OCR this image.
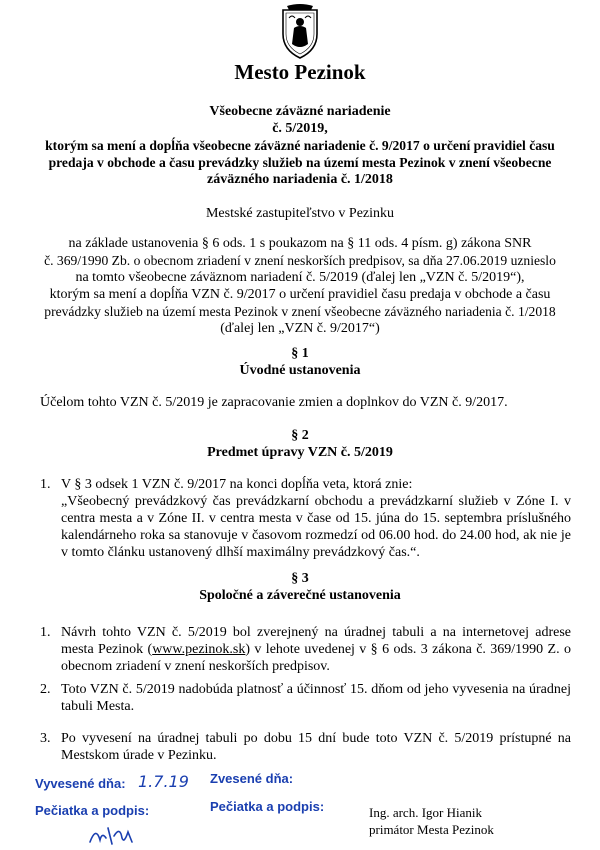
Mesto Pezinok
Všeobecne záväzné nariadenie
č. 5/2019,
ktorým sa mení a dopĺňa všeobecne záväzné nariadenie č. 9/2017 o určení pravidiel času
predaja v obchode a času prevádzky služieb na území mesta Pezinok v znení všeobecne
záväzného nariadenia č. 1/2018
Mestské zastupiteľstvo v Pezinku
na základe ustanovenia § 6 ods. 1 s poukazom na § 11 ods. 4 písm. g) zákona SNR
č. 369/1990 Zb. o obecnom zriadení v znení neskorších predpisov, sa dňa 27.06.2019 uznieslo
na tomto všeobecne záväznom nariadení č. 5/2019 (ďalej len „VZN č. 5/2019“),
ktorým sa mení a dopĺňa VZN č. 9/2017 o určení pravidiel času predaja v obchode a času
prevádzky služieb na území mesta Pezinok v znení všeobecne záväzného nariadenia č. 1/2018
(ďalej len „VZN č. 9/2017“)
§ 1
Úvodné ustanovenia
Účelom tohto VZN č. 5/2019 je zapracovanie zmien a doplnkov do VZN č. 9/2017.
§ 2
Predmet úpravy VZN č. 5/2019
1. V § 3 odsek 1 VZN č. 9/2017 na konci dopĺňa veta, ktorá znie:
„Všeobecný prevádzkový čas prevádzkarní obchodu a prevádzkarní služieb v Zóne I. v centra mesta a v Zóne II. v centra mesta v čase od 15. júna do 15. septembra príslušného kalendárneho roka sa stanovuje v časovom rozmedzí od 06.00 hod. do 24.00 hod, ak nie je v tomto článku ustanovený dlhší maximálny prevádzkový čas.“.
§ 3
Spoločné a záverečné ustanovenia
1. Návrh tohto VZN č. 5/2019 bol zverejnený na úradnej tabuli a na internetovej adrese mesta Pezinok (www.pezinok.sk) v lehote uvedenej v § 6 ods. 3 zákona č. 369/1990 Z. o obecnom zriadení v znení neskorších predpisov.
2. Toto VZN č. 5/2019 nadobúda platnosť a účinnosť 15. dňom od jeho vyvesenia na úradnej tabuli Mesta.
3. Po vyvesení na úradnej tabuli po dobu 15 dní bude toto VZN č. 5/2019 prístupné na Mestskom úrade v Pezinku.
Vyvesené dňa: 1.7.19 Zvesené dňa:
Pečiatka a podpis:	Pečiatka a podpis:	Ing. arch. Igor Hianik
primátor Mesta Pezinok
